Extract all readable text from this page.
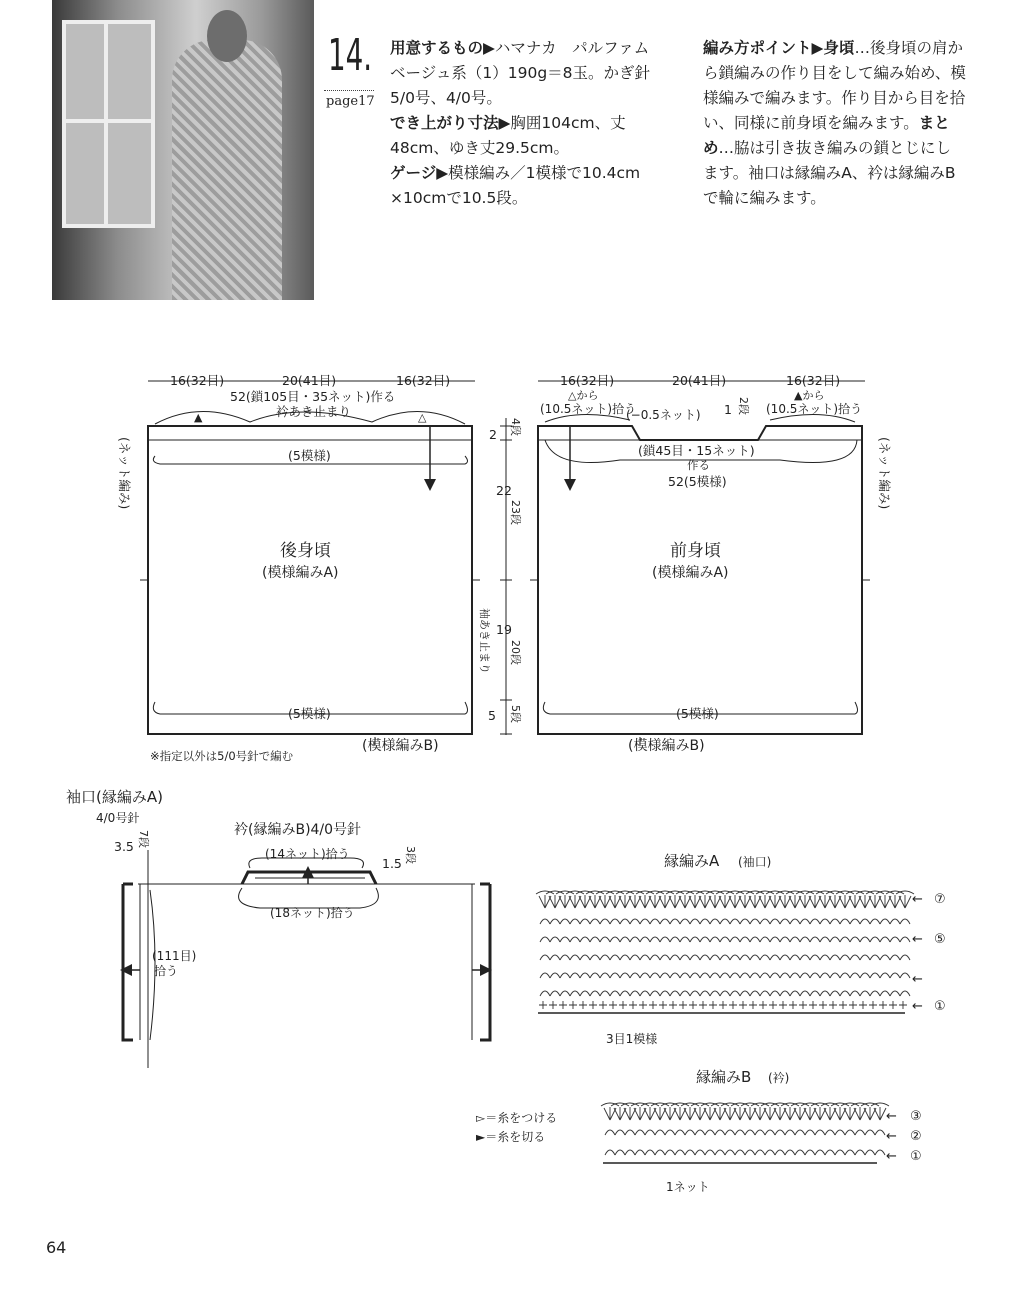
14.
page17
用意するもの▶ハマナカ　パルファム
ベージュ系（1）190g＝8玉。かぎ針
5/0号、4/0号。
でき上がり寸法▶胸囲104cm、丈
48cm、ゆき丈29.5cm。
ゲージ▶模様編み／1模様で10.4cm
×10cmで10.5段。
編み方ポイント▶身頃…後身頃の肩か
ら鎖編みの作り目をして編み始め、模
様編みで編みます。作り目から目を拾
い、同様に前身頃を編みます。まと
め…脇は引き抜き編みの鎖とじにし
ます。袖口は縁編みA、衿は縁編みB
で輪に編みます。
16(32目)	20(41目)	16(32目)
52(鎖105目・35ネット)作る
衿あき止まり
▲	△
(5模様)
(ネット編み)
後身頃
(模様編みA)
(5模様)
(模様編みB)
※指定以外は5/0号針で編む
2 4段
22
23段
袖あき止まり 19
20段
5 5段
16(32目)	20(41目)	16(32目)
△から
(10.5ネット)拾う
(−0.5ネット) 1 2段
▲から
(10.5ネット)拾う
(鎖45目・15ネット)
作る
52(5模様)	(ネット編み)
前身頃
(模様編みA)
(5模様)
(模様編みB)
袖口(縁編みA)
4/0号針
3.5 7段
(111目)
拾う
衿(縁編みB)4/0号針
(14ネット)拾う
1.5 3段
(18ネット)拾う
縁編みA (袖口)
← ⑦
← ⑤
←
← ①
3目1模様
縁編みB (衿)
← ③
← ②
← ①
1ネット
▻＝糸をつける
►＝糸を切る
64
